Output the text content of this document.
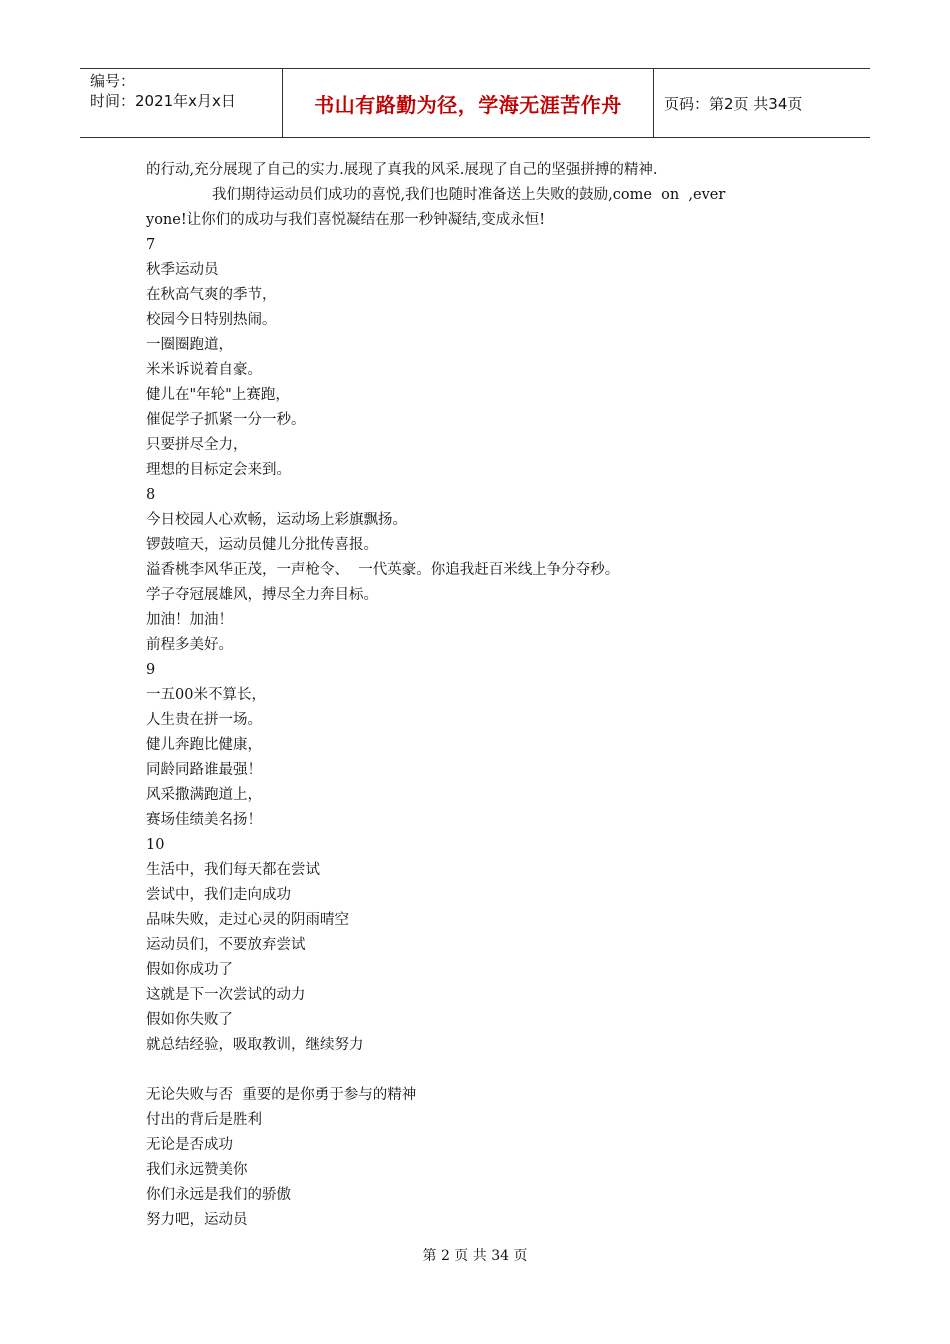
编号：
时间：2021年x月x日	书山有路勤为径，学海无涯苦作舟	页码：第2页 共34页

的行动,充分展现了自己的实力.展现了真我的风采.展现了自己的坚强拼搏的精神.

我们期待运动员们成功的喜悦,我们也随时准备送上失败的鼓励,come  on  ,ever

yone!让你们的成功与我们喜悦凝结在那一秒钟凝结,变成永恒!

7

秋季运动员

在秋高气爽的季节，

校园今日特别热闹。

一圈圈跑道，

米米诉说着自豪。

健儿在"年轮"上赛跑，

催促学子抓紧一分一秒。

只要拼尽全力，

理想的目标定会来到。

8

今日校园人心欢畅，运动场上彩旗飘扬。

锣鼓喧天，运动员健儿分批传喜报。

溢香桃李风华正茂，一声枪令、  一代英豪。你追我赶百米线上争分夺秒。

学子夺冠展雄风，搏尽全力奔目标。

加油！加油！

前程多美好。

9

一五00米不算长，

人生贵在拼一场。

健儿奔跑比健康，

同龄同路谁最强！

风采撒满跑道上，

赛场佳绩美名扬！

10

生活中，我们每天都在尝试

尝试中，我们走向成功

品味失败，走过心灵的阴雨晴空

运动员们，不要放弃尝试

假如你成功了

这就是下一次尝试的动力

假如你失败了

就总结经验，吸取教训，继续努力

无论失败与否  重要的是你勇于参与的精神

付出的背后是胜利

无论是否成功

我们永远赞美你

你们永远是我们的骄傲

努力吧，运动员

第 2 页 共 34 页
